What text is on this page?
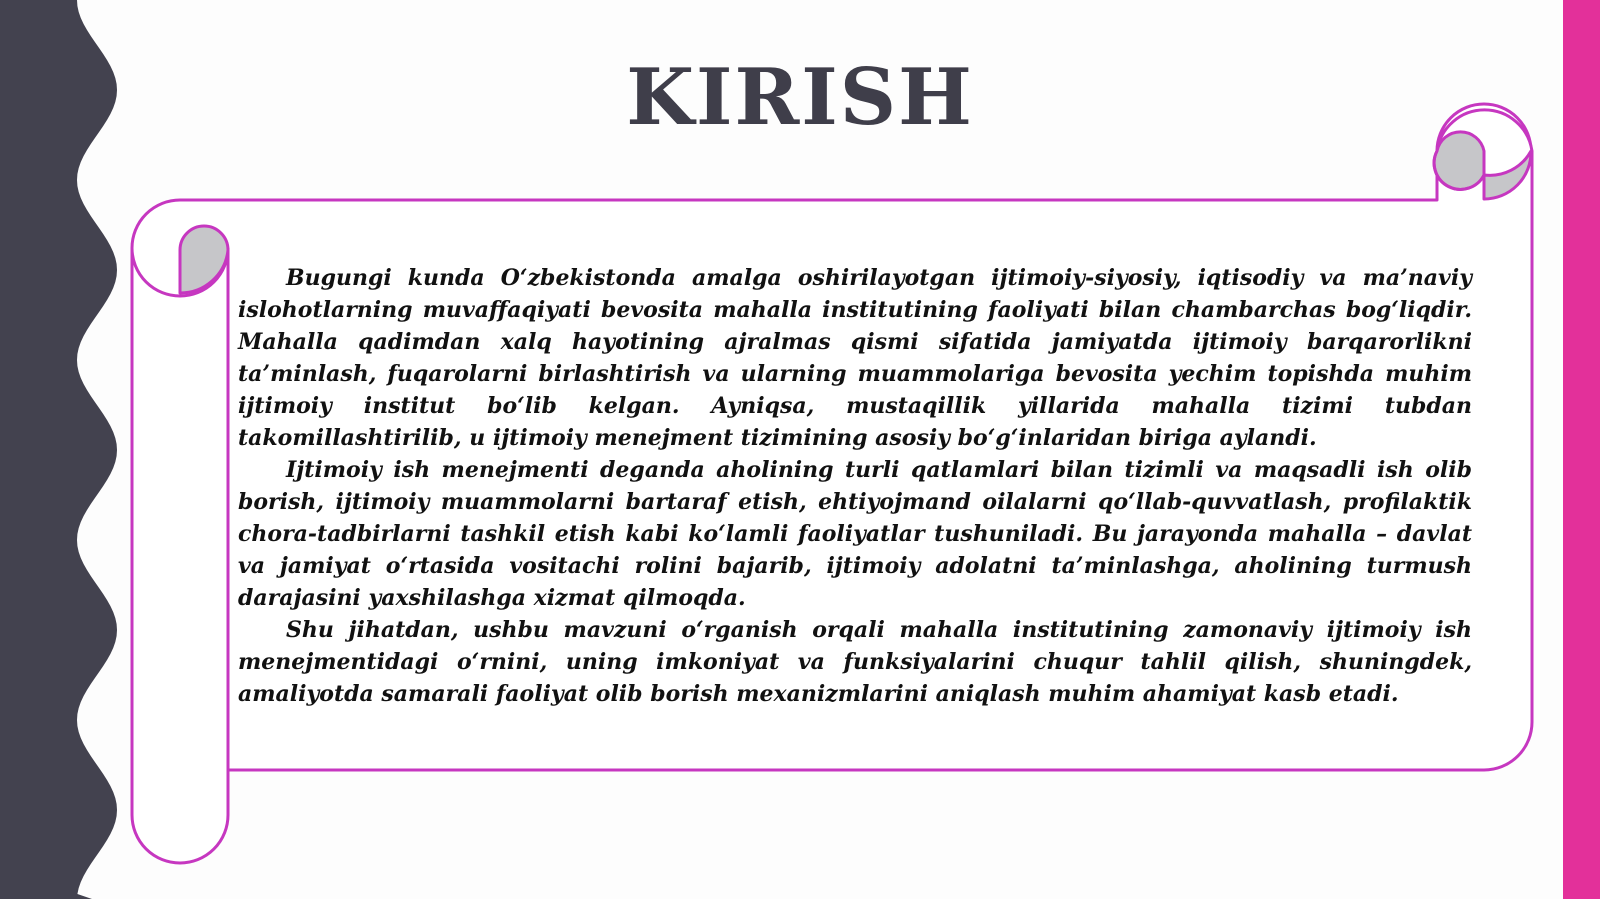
KIRISH

Bugungi kunda O‘zbekistonda amalga oshirilayotgan ijtimoiy-siyosiy, iqtisodiy va ma’naviy islohotlarning muvaffaqiyati bevosita mahalla institutining faoliyati bilan chambarchas bog‘liqdir. Mahalla qadimdan xalq hayotining ajralmas qismi sifatida jamiyatda ijtimoiy barqarorlikni ta’minlash, fuqarolarni birlashtirish va ularning muammolariga bevosita yechim topishda muhim ijtimoiy institut bo‘lib kelgan. Ayniqsa, mustaqillik yillarida mahalla tizimi tubdan takomillashtirilib, u ijtimoiy menejment tizimining asosiy bo‘g‘inlaridan biriga aylandi.

Ijtimoiy ish menejmenti deganda aholining turli qatlamlari bilan tizimli va maqsadli ish olib borish, ijtimoiy muammolarni bartaraf etish, ehtiyojmand oilalarni qo‘llab-quvvatlash, profilaktik chora-tadbirlarni tashkil etish kabi ko‘lamli faoliyatlar tushuniladi. Bu jarayonda mahalla – davlat va jamiyat o‘rtasida vositachi rolini bajarib, ijtimoiy adolatni ta’minlashga, aholining turmush darajasini yaxshilashga xizmat qilmoqda.

Shu jihatdan, ushbu mavzuni o‘rganish orqali mahalla institutining zamonaviy ijtimoiy ish menejmentidagi o‘rnini, uning imkoniyat va funksiyalarini chuqur tahlil qilish, shuningdek, amaliyotda samarali faoliyat olib borish mexanizmlarini aniqlash muhim ahamiyat kasb etadi.
